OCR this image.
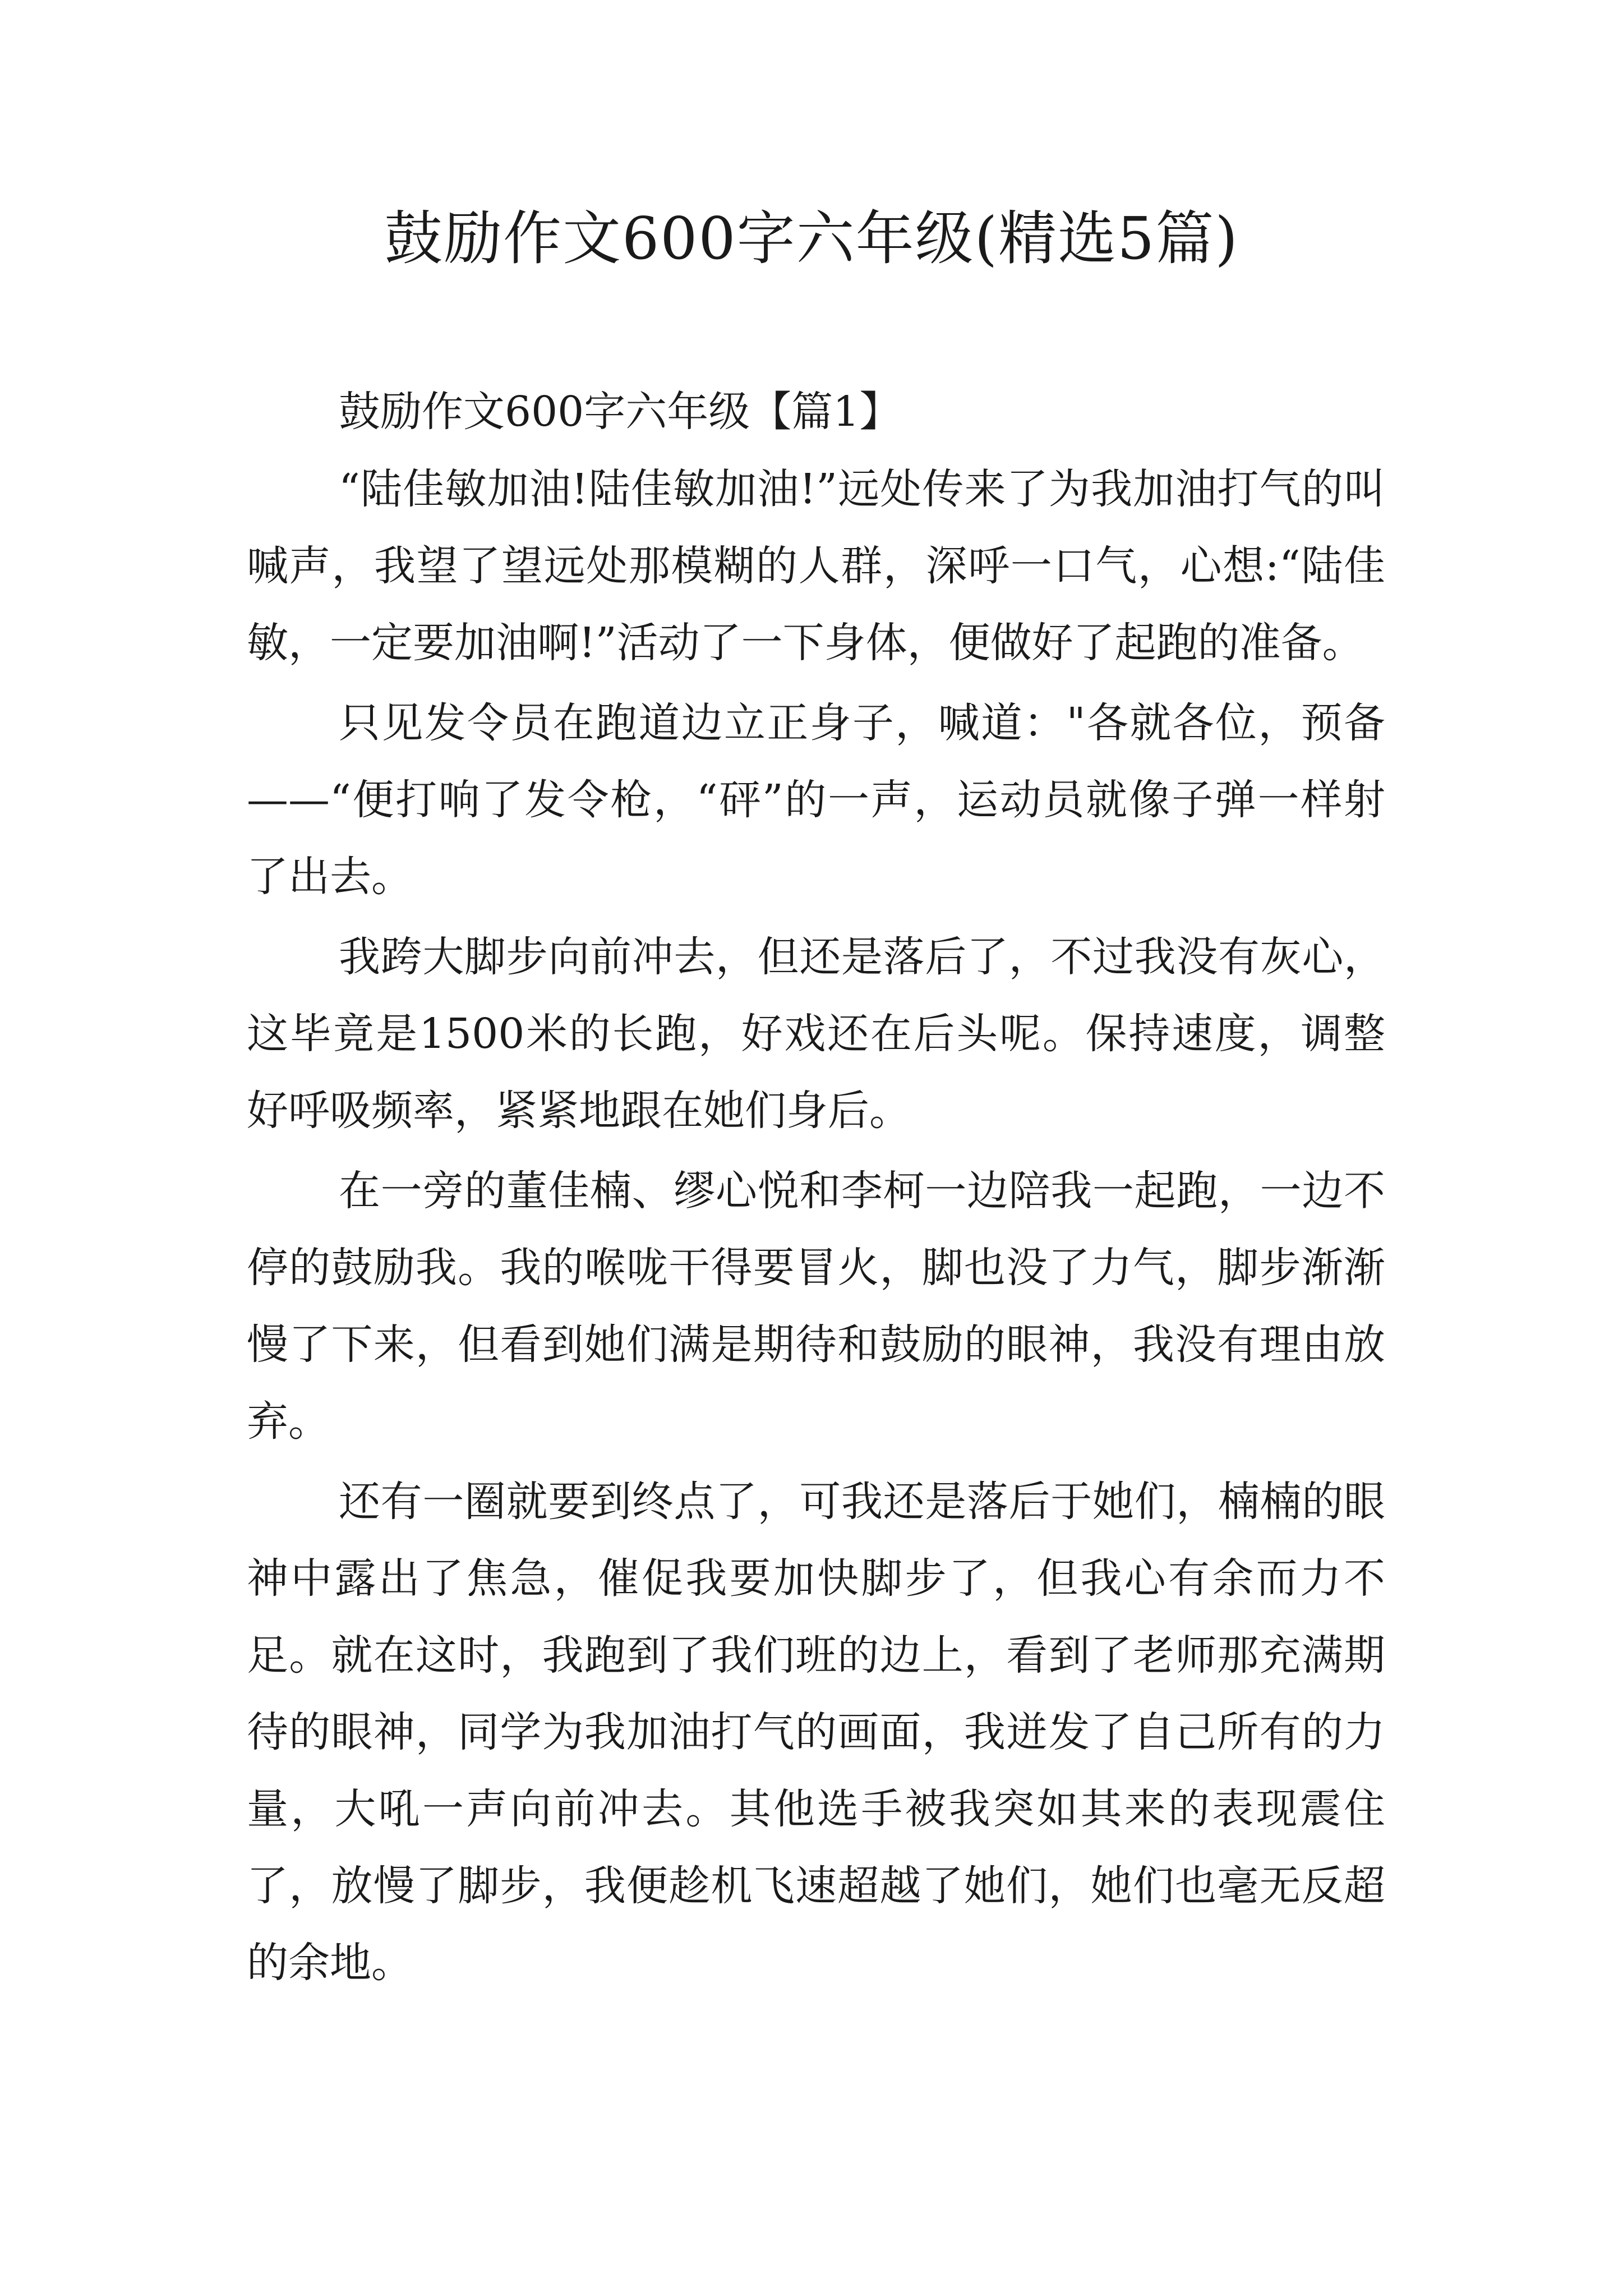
鼓励作文600字六年级(精选5篇)
鼓励作文600字六年级【篇1】

“陆佳敏加油!陆佳敏加油!”远处传来了为我加油打气的叫喊声，我望了望远处那模糊的人群，深呼一口气，心想:“陆佳敏，一定要加油啊!”活动了一下身体，便做好了起跑的准备。

只见发令员在跑道边立正身子，喊道："各就各位，预备——“便打响了发令枪，“砰”的一声，运动员就像子弹一样射了出去。

我跨大脚步向前冲去，但还是落后了，不过我没有灰心，这毕竟是1500米的长跑，好戏还在后头呢。保持速度，调整好呼吸频率，紧紧地跟在她们身后。

在一旁的董佳楠、缪心悦和李柯一边陪我一起跑，一边不停的鼓励我。我的喉咙干得要冒火，脚也没了力气，脚步渐渐慢了下来，但看到她们满是期待和鼓励的眼神，我没有理由放弃。

还有一圈就要到终点了，可我还是落后于她们，楠楠的眼神中露出了焦急，催促我要加快脚步了，但我心有余而力不足。就在这时，我跑到了我们班的边上，看到了老师那充满期待的眼神，同学为我加油打气的画面，我迸发了自己所有的力量，大吼一声向前冲去。其他选手被我突如其来的表现震住了，放慢了脚步，我便趁机飞速超越了她们，她们也毫无反超的余地。
